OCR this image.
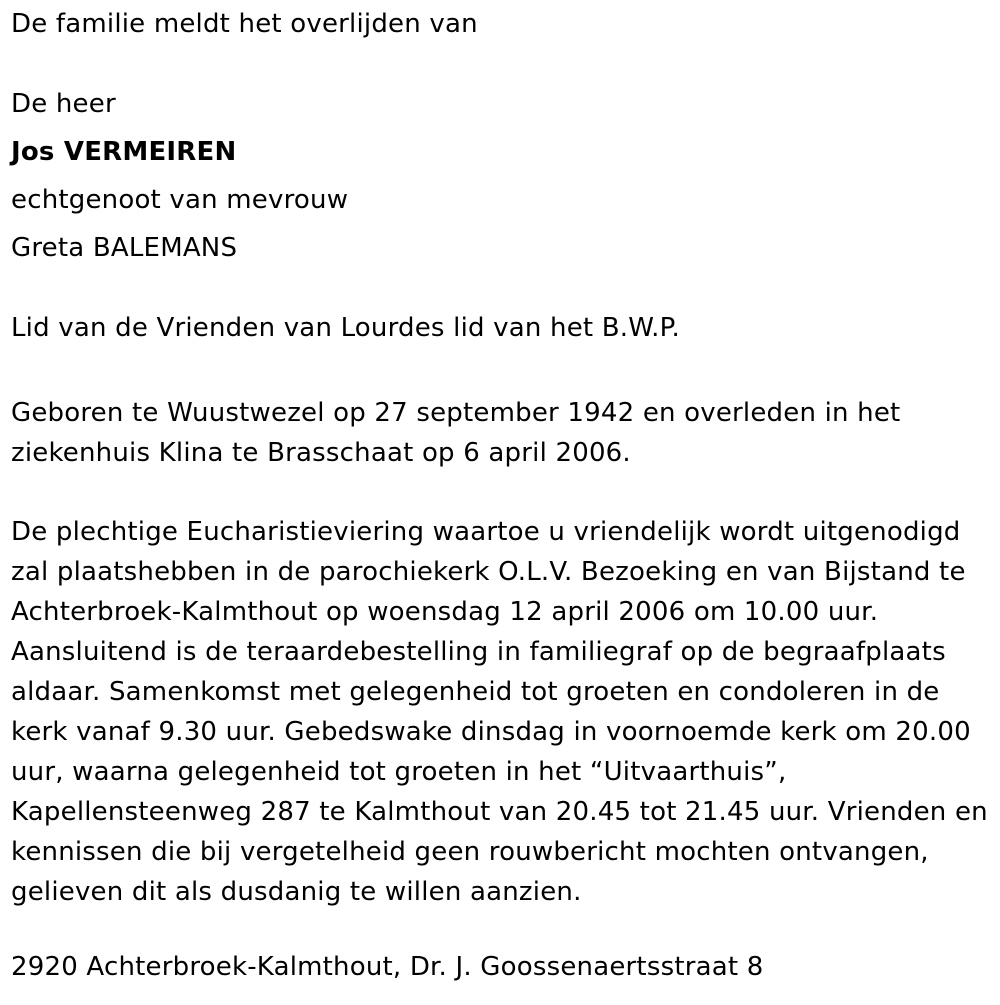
De familie meldt het overlijden van

De heer

Jos VERMEIREN

echtgenoot van mevrouw

Greta BALEMANS

Lid van de Vrienden van Lourdes lid van het B.W.P.

Geboren te Wuustwezel op 27 september 1942 en overleden in het

ziekenhuis Klina te Brasschaat op 6 april 2006.

De plechtige Eucharistieviering waartoe u vriendelijk wordt uitgenodigd

zal plaatshebben in de parochiekerk O.L.V. Bezoeking en van Bijstand te

Achterbroek-Kalmthout op woensdag 12 april 2006 om 10.00 uur.

Aansluitend is de teraardebestelling in familiegraf op de begraafplaats

aldaar. Samenkomst met gelegenheid tot groeten en condoleren in de

kerk vanaf 9.30 uur. Gebedswake dinsdag in voornoemde kerk om 20.00

uur, waarna gelegenheid tot groeten in het “Uitvaarthuis”,

Kapellensteenweg 287 te Kalmthout van 20.45 tot 21.45 uur. Vrienden en

kennissen die bij vergetelheid geen rouwbericht mochten ontvangen,

gelieven dit als dusdanig te willen aanzien.

2920 Achterbroek-Kalmthout, Dr. J. Goossenaertsstraat 8
